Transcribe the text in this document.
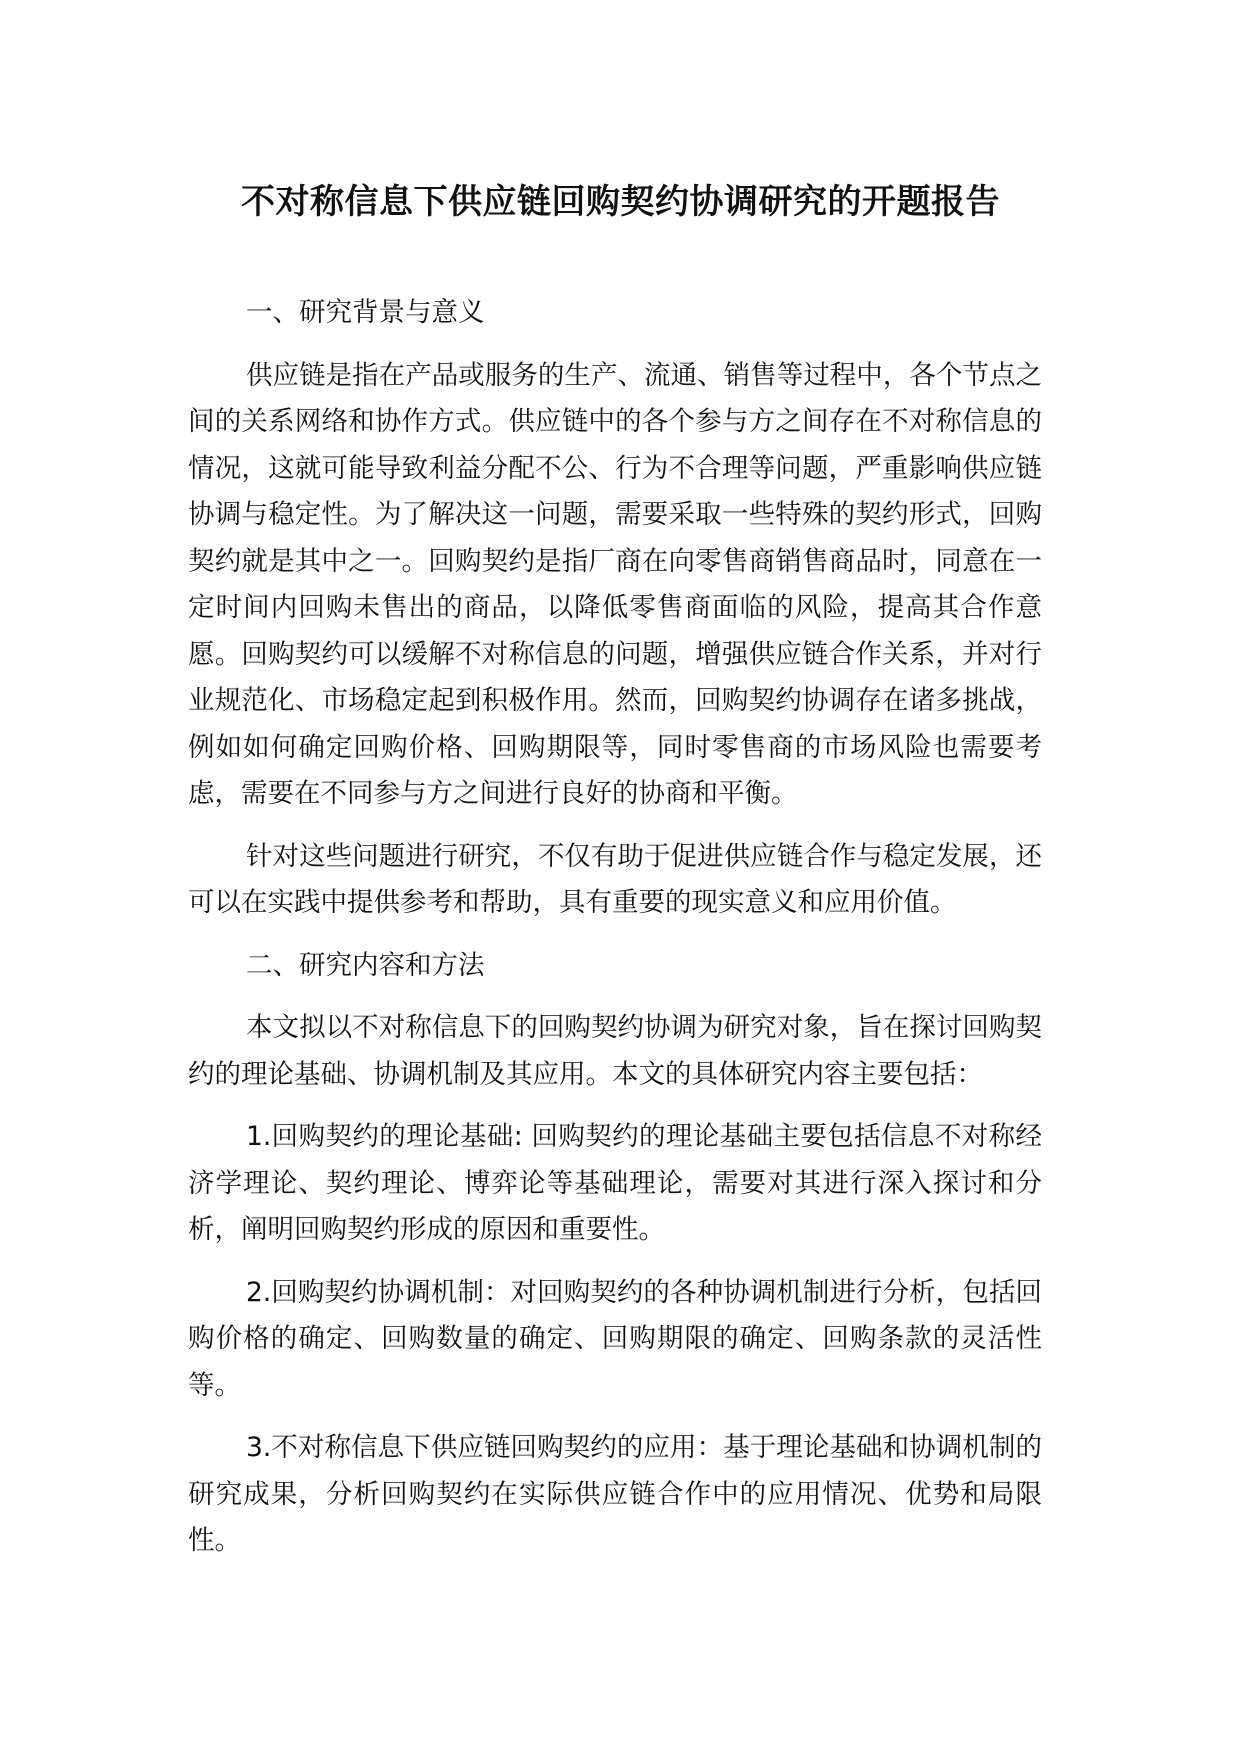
不对称信息下供应链回购契约协调研究的开题报告

一、研究背景与意义

供应链是指在产品或服务的生产、流通、销售等过程中，各个节点之间的关系网络和协作方式。供应链中的各个参与方之间存在不对称信息的情况，这就可能导致利益分配不公、行为不合理等问题，严重影响供应链协调与稳定性。为了解决这一问题，需要采取一些特殊的契约形式，回购契约就是其中之一。回购契约是指厂商在向零售商销售商品时，同意在一定时间内回购未售出的商品，以降低零售商面临的风险，提高其合作意愿。回购契约可以缓解不对称信息的问题，增强供应链合作关系，并对行业规范化、市场稳定起到积极作用。然而，回购契约协调存在诸多挑战，例如如何确定回购价格、回购期限等，同时零售商的市场风险也需要考虑，需要在不同参与方之间进行良好的协商和平衡。

针对这些问题进行研究，不仅有助于促进供应链合作与稳定发展，还可以在实践中提供参考和帮助，具有重要的现实意义和应用价值。

二、研究内容和方法

本文拟以不对称信息下的回购契约协调为研究对象，旨在探讨回购契约的理论基础、协调机制及其应用。本文的具体研究内容主要包括：

1.回购契约的理论基础: 回购契约的理论基础主要包括信息不对称经济学理论、契约理论、博弈论等基础理论，需要对其进行深入探讨和分析，阐明回购契约形成的原因和重要性。

2.回购契约协调机制：对回购契约的各种协调机制进行分析，包括回购价格的确定、回购数量的确定、回购期限的确定、回购条款的灵活性等。

3.不对称信息下供应链回购契约的应用：基于理论基础和协调机制的研究成果，分析回购契约在实际供应链合作中的应用情况、优势和局限性。
